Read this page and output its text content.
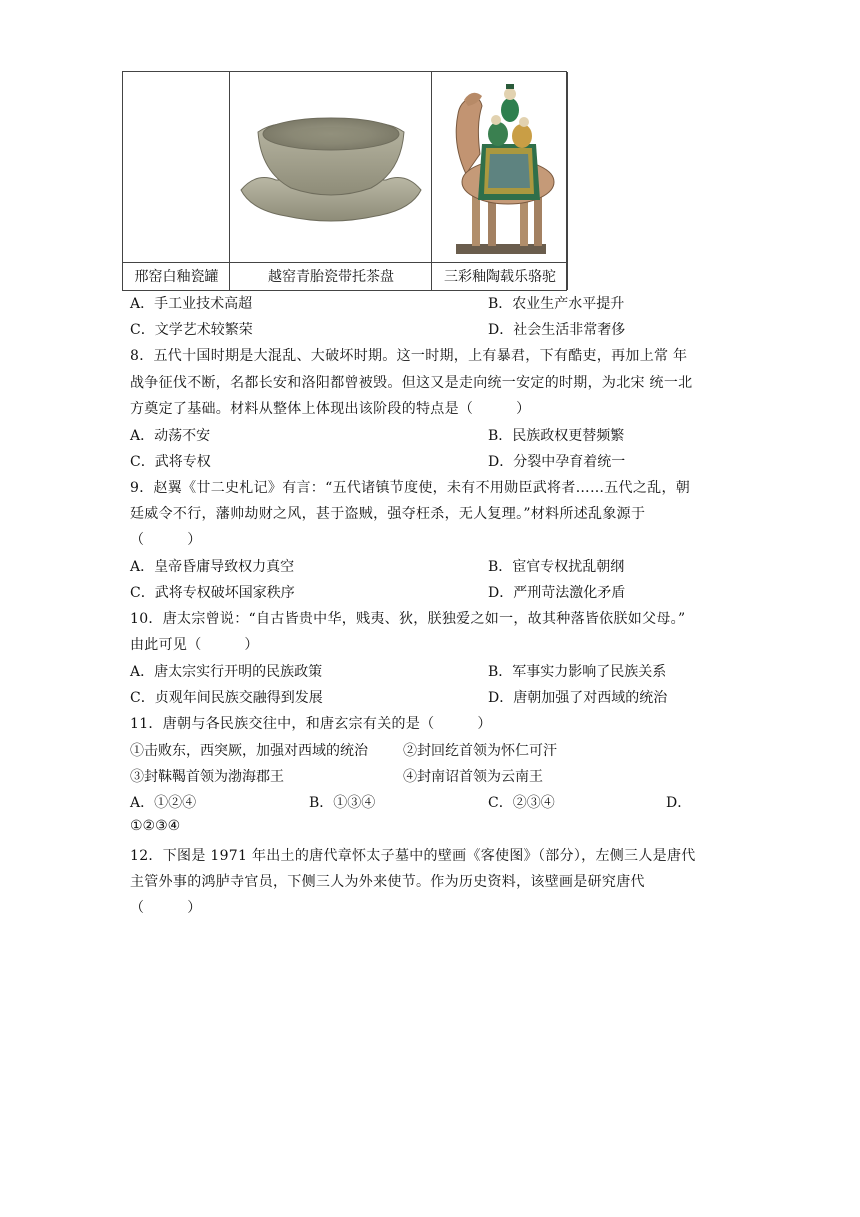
邢窑白釉瓷罐	越窑青胎瓷带托茶盘	三彩釉陶载乐骆驼
A．手工业技术高超	B．农业生产水平提升
C．文学艺术较繁荣	D．社会生活非常奢侈
8．五代十国时期是大混乱、大破坏时期。这一时期，上有暴君，下有酷吏，再加上常 年
战争征伐不断，名都长安和洛阳都曾被毁。但这又是走向统一安定的时期，为北宋 统一北
方奠定了基础。材料从整体上体现出该阶段的特点是（　　　）
A．动荡不安	B．民族政权更替频繁
C．武将专权	D．分裂中孕育着统一
9．赵翼《廿二史札记》有言：“五代诸镇节度使，未有不用勋臣武将者……五代之乱，朝
廷威令不行，藩帅劫财之风，甚于盗贼，强夺枉杀，无人复理。”材料所述乱象源于
（　　　）
A．皇帝昏庸导致权力真空	B．宦官专权扰乱朝纲
C．武将专权破坏国家秩序	D．严刑苛法激化矛盾
10．唐太宗曾说：“自古皆贵中华，贱夷、狄，朕独爱之如一，故其种落皆依朕如父母。”
由此可见（　　　）
A．唐太宗实行开明的民族政策	B．军事实力影响了民族关系
C．贞观年间民族交融得到发展	D．唐朝加强了对西域的统治
11．唐朝与各民族交往中，和唐玄宗有关的是（　　　）
①击败东，西突厥，加强对西域的统治	②封回纥首领为怀仁可汗
③封靺鞨首领为渤海郡王	④封南诏首领为云南王
A．①②④	B．①③④	C．②③④	D．
①②③④
12．下图是 1971 年出土的唐代章怀太子墓中的壁画《客使图》（部分），左侧三人是唐代
主管外事的鸿胪寺官员，下侧三人为外来使节。作为历史资料，该壁画是研究唐代
（　　　）
